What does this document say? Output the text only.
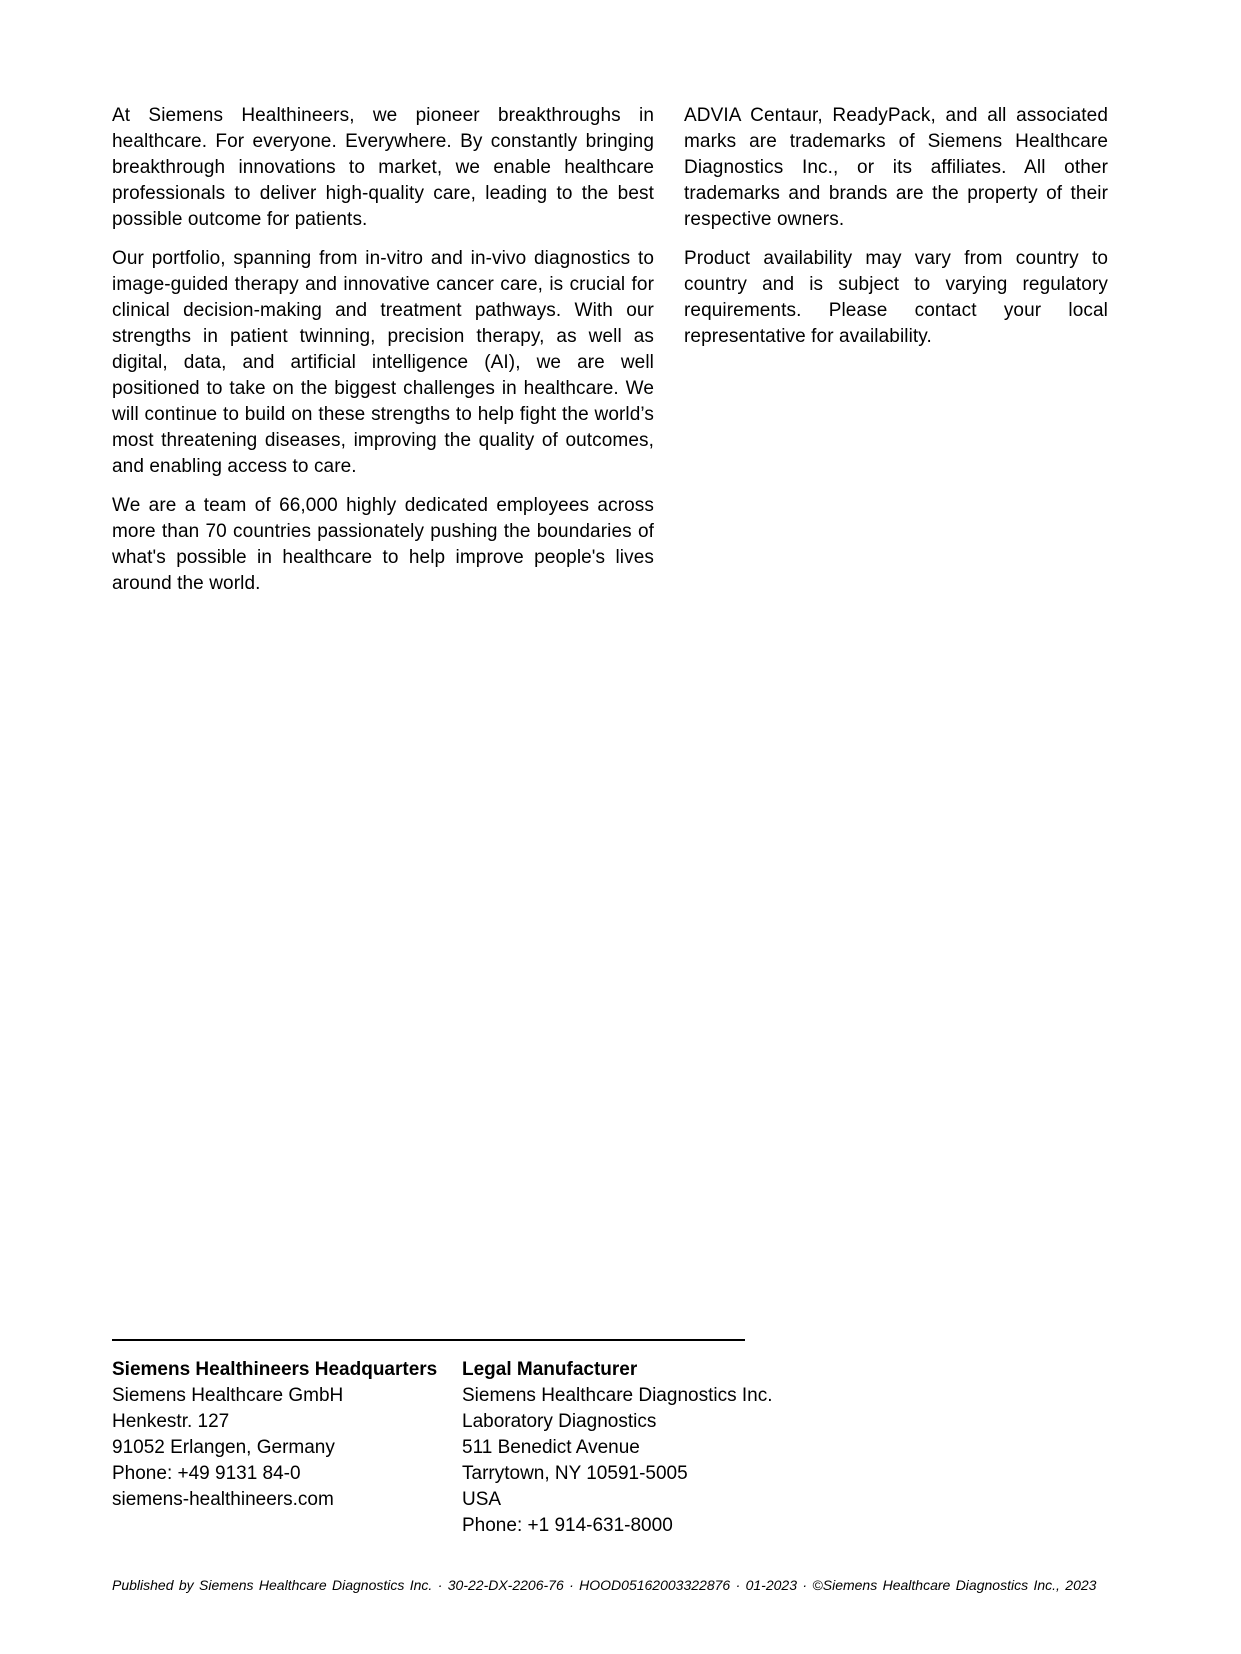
At Siemens Healthineers, we pioneer breakthroughs in healthcare. For everyone. Everywhere. By constantly bringing breakthrough innovations to market, we enable healthcare professionals to deliver high-quality care, leading to the best possible outcome for patients.

Our portfolio, spanning from in-vitro and in-vivo diagnostics to image-guided therapy and innovative cancer care, is crucial for clinical decision-making and treatment pathways. With our strengths in patient twinning, precision therapy, as well as digital, data, and artificial intelligence (AI), we are well positioned to take on the biggest challenges in healthcare. We will continue to build on these strengths to help fight the world’s most threatening diseases, improving the quality of outcomes, and enabling access to care.

We are a team of 66,000 highly dedicated employees across more than 70 countries passionately pushing the boundaries of what's possible in healthcare to help improve people's lives around the world.

ADVIA Centaur, ReadyPack, and all associated marks are trademarks of Siemens Healthcare Diagnostics Inc., or its affiliates. All other trademarks and brands are the property of their respective owners.

Product availability may vary from country to country and is subject to varying regulatory requirements. Please contact your local representative for availability.

Siemens Healthineers Headquarters
Siemens Healthcare GmbH
Henkestr. 127
91052 Erlangen, Germany
Phone: +49 9131 84-0
siemens-healthineers.com
Legal Manufacturer
Siemens Healthcare Diagnostics Inc.
Laboratory Diagnostics
511 Benedict Avenue
Tarrytown, NY 10591-5005
USA
Phone: +1 914-631-8000
Published by Siemens Healthcare Diagnostics Inc. · 30-22-DX-2206-76 · HOOD05162003322876 · 01-2023 · ©Siemens Healthcare Diagnostics Inc., 2023
